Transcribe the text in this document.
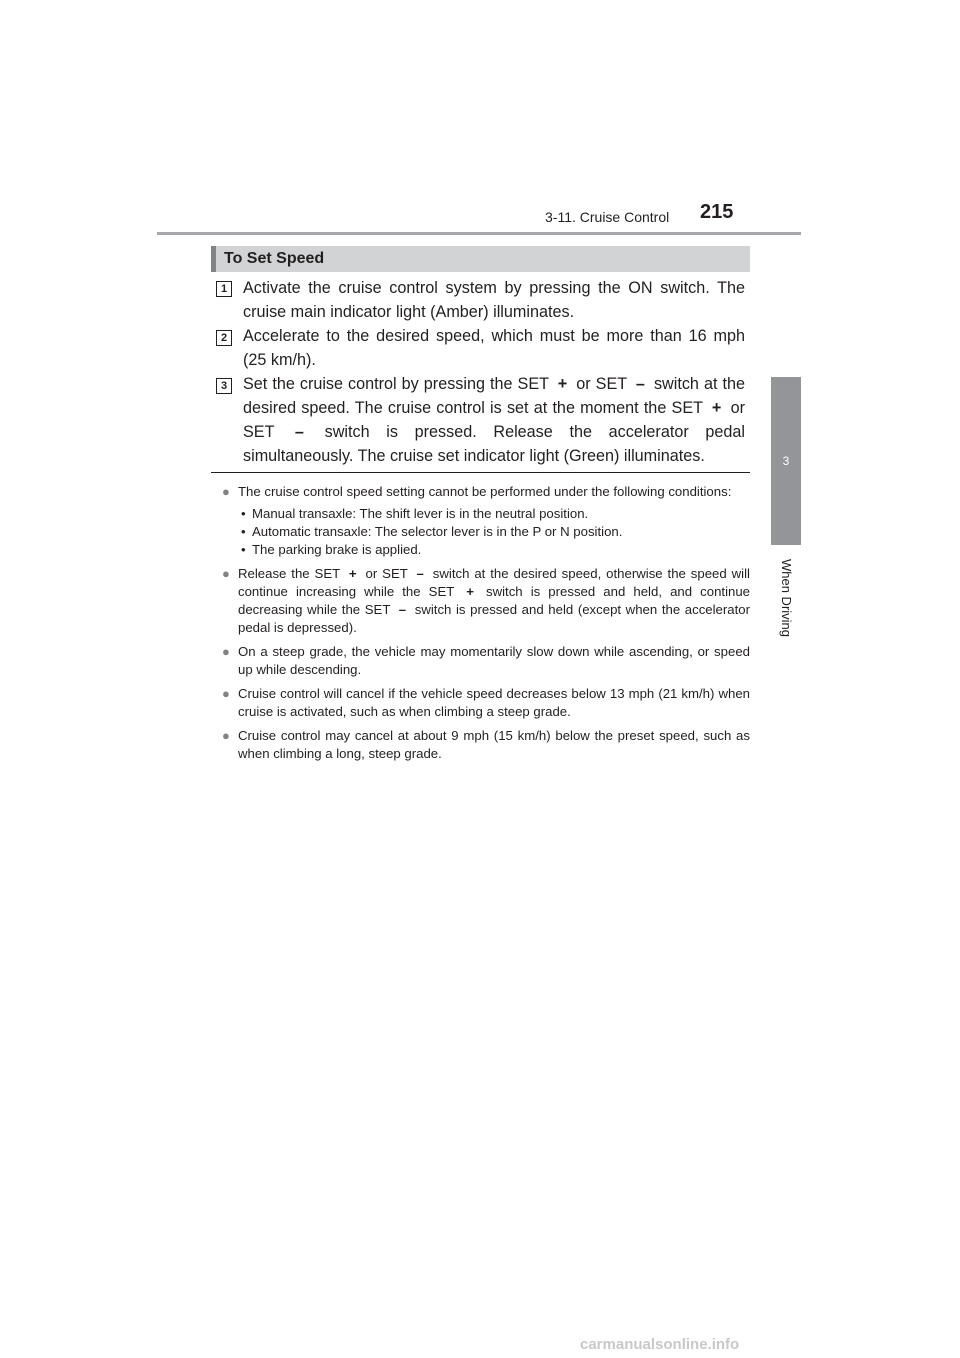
3-11. Cruise Control 215
3
When Driving
To Set Speed
1 Activate the cruise control system by pressing the ON switch. The cruise main indicator light (Amber) illuminates.
2 Accelerate to the desired speed, which must be more than 16 mph (25 km/h).
3 Set the cruise control by pressing the SET + or SET – switch at the desired speed. The cruise control is set at the moment the SET + or SET – switch is pressed. Release the accelerator pedal simultaneously. The cruise set indicator light (Green) illuminates.
● The cruise control speed setting cannot be performed under the following conditions:
• Manual transaxle: The shift lever is in the neutral position.
• Automatic transaxle: The selector lever is in the P or N position.
• The parking brake is applied.
● Release the SET + or SET – switch at the desired speed, otherwise the speed will continue increasing while the SET + switch is pressed and held, and continue decreasing while the SET – switch is pressed and held (except when the accelerator pedal is depressed).
● On a steep grade, the vehicle may momentarily slow down while ascending, or speed up while descending.
● Cruise control will cancel if the vehicle speed decreases below 13 mph (21 km/h) when cruise is activated, such as when climbing a steep grade.
● Cruise control may cancel at about 9 mph (15 km/h) below the preset speed, such as when climbing a long, steep grade.
carmanualsonline.info
